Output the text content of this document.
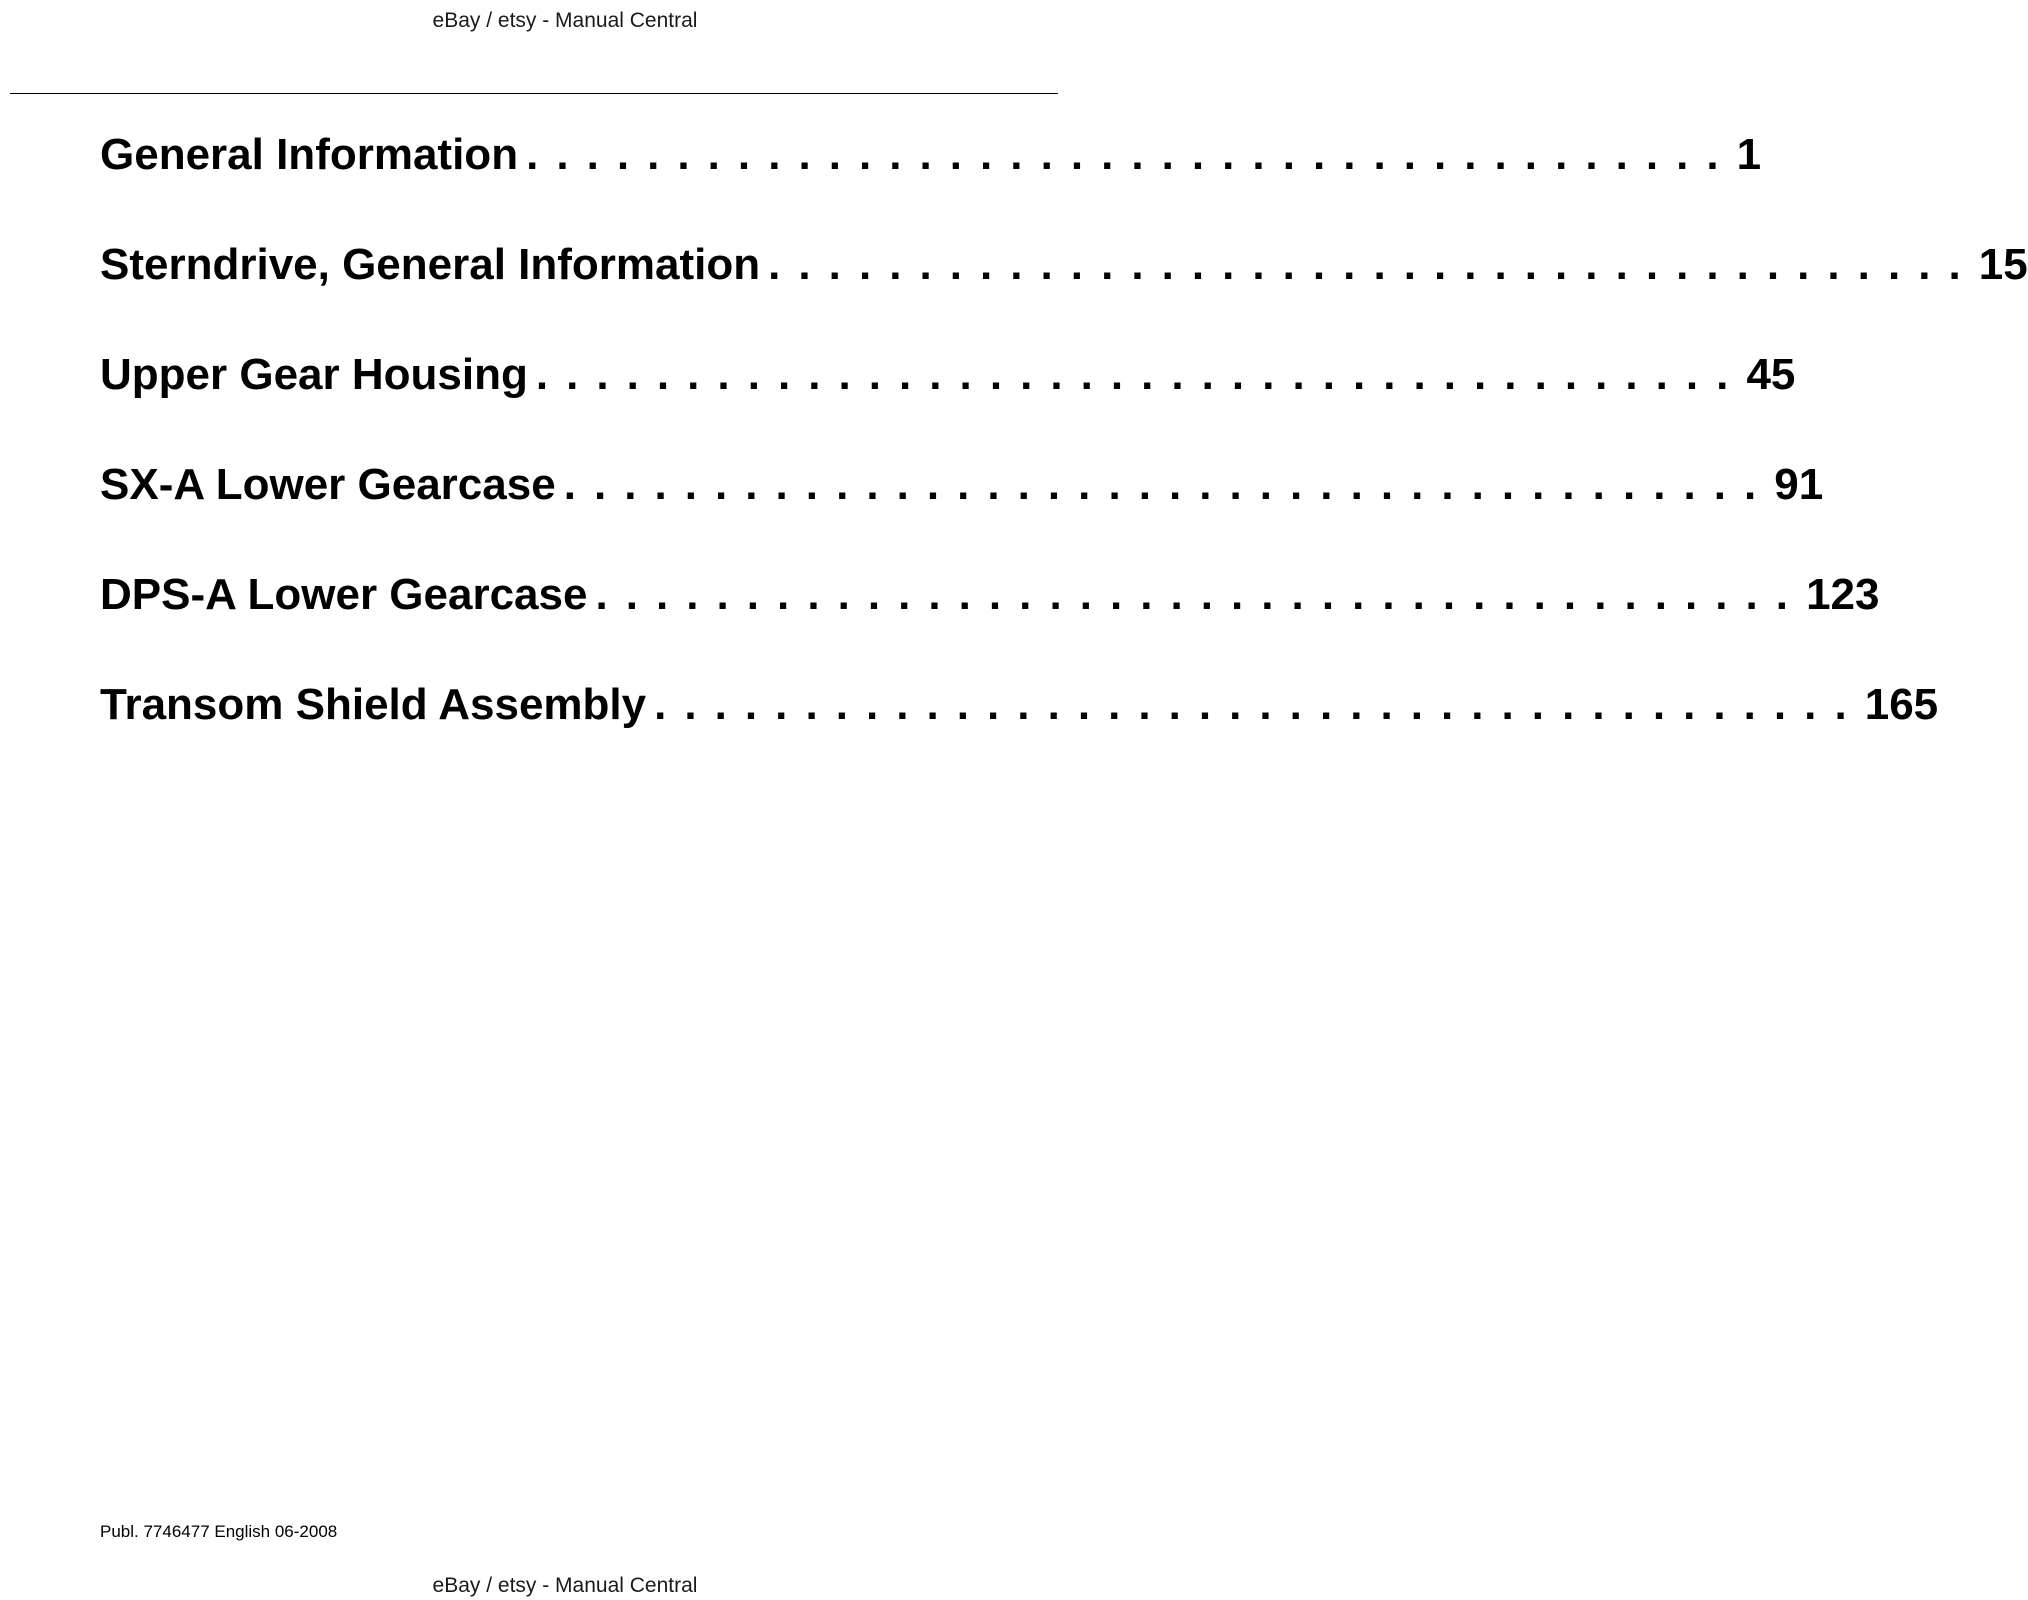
eBay / etsy - Manual Central
General Information ........................................ 1
Sterndrive, General Information ........................................ 15
Upper Gear Housing ........................................ 45
SX-A Lower Gearcase ........................................ 91
DPS-A Lower Gearcase ........................................ 123
Transom Shield Assembly ........................................ 165
Publ. 7746477 English 06-2008
eBay / etsy - Manual Central
